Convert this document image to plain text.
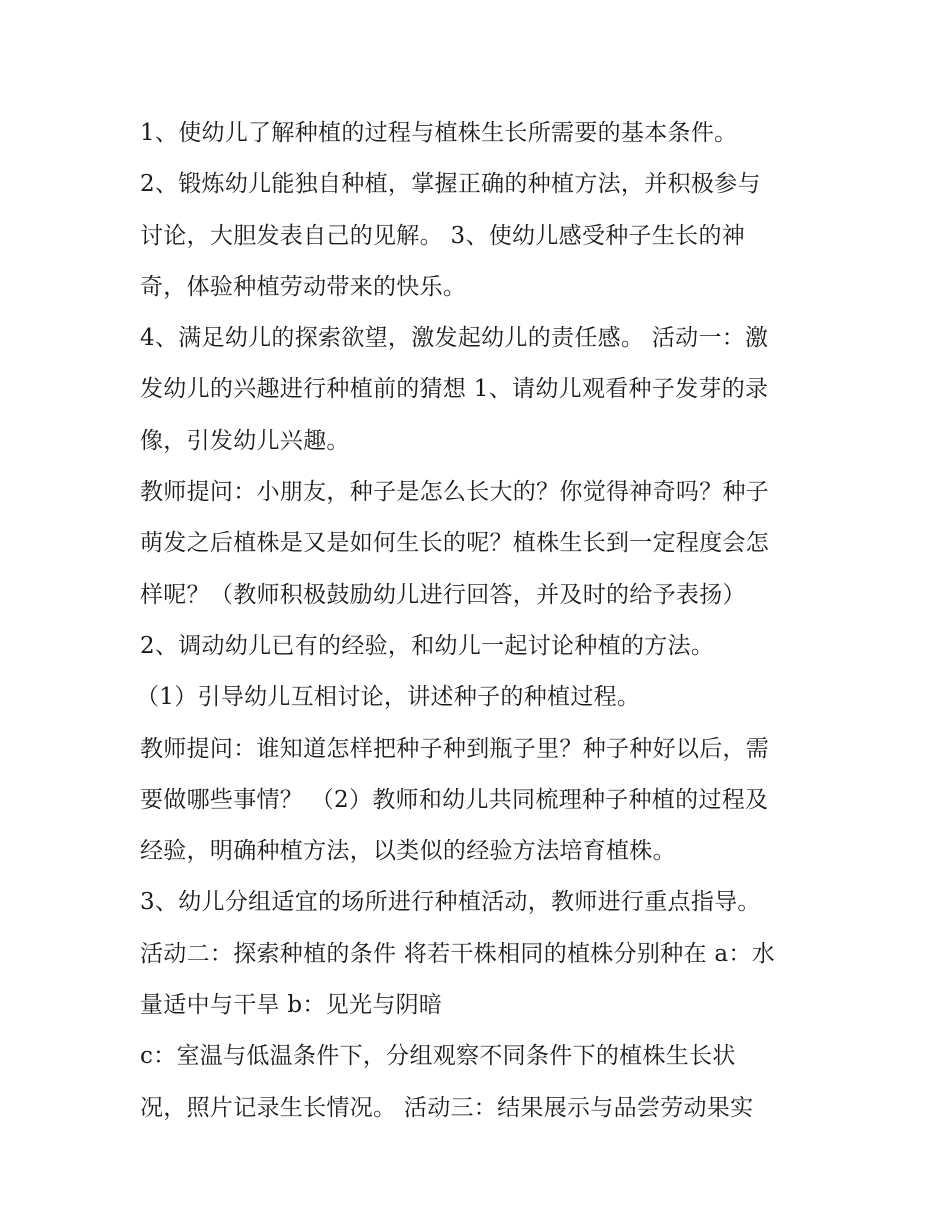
1、使幼儿了解种植的过程与植株生长所需要的基本条件。
2、锻炼幼儿能独自种植，掌握正确的种植方法，并积极参与
讨论，大胆发表自己的见解。 3、使幼儿感受种子生长的神
奇，体验种植劳动带来的快乐。
4、满足幼儿的探索欲望，激发起幼儿的责任感。 活动一：激
发幼儿的兴趣进行种植前的猜想 1、请幼儿观看种子发芽的录
像，引发幼儿兴趣。
教师提问：小朋友，种子是怎么长大的？你觉得神奇吗？种子
萌发之后植株是又是如何生长的呢？植株生长到一定程度会怎
样呢？（教师积极鼓励幼儿进行回答，并及时的给予表扬）
2、调动幼儿已有的经验，和幼儿一起讨论种植的方法。
（1）引导幼儿互相讨论，讲述种子的种植过程。
教师提问：谁知道怎样把种子种到瓶子里？种子种好以后，需
要做哪些事情？ （2）教师和幼儿共同梳理种子种植的过程及
经验，明确种植方法，以类似的经验方法培育植株。
3、幼儿分组适宜的场所进行种植活动，教师进行重点指导。
活动二：探索种植的条件 将若干株相同的植株分别种在 a：水
量适中与干旱 b：见光与阴暗
c：室温与低温条件下，分组观察不同条件下的植株生长状
况，照片记录生长情况。 活动三：结果展示与品尝劳动果实
